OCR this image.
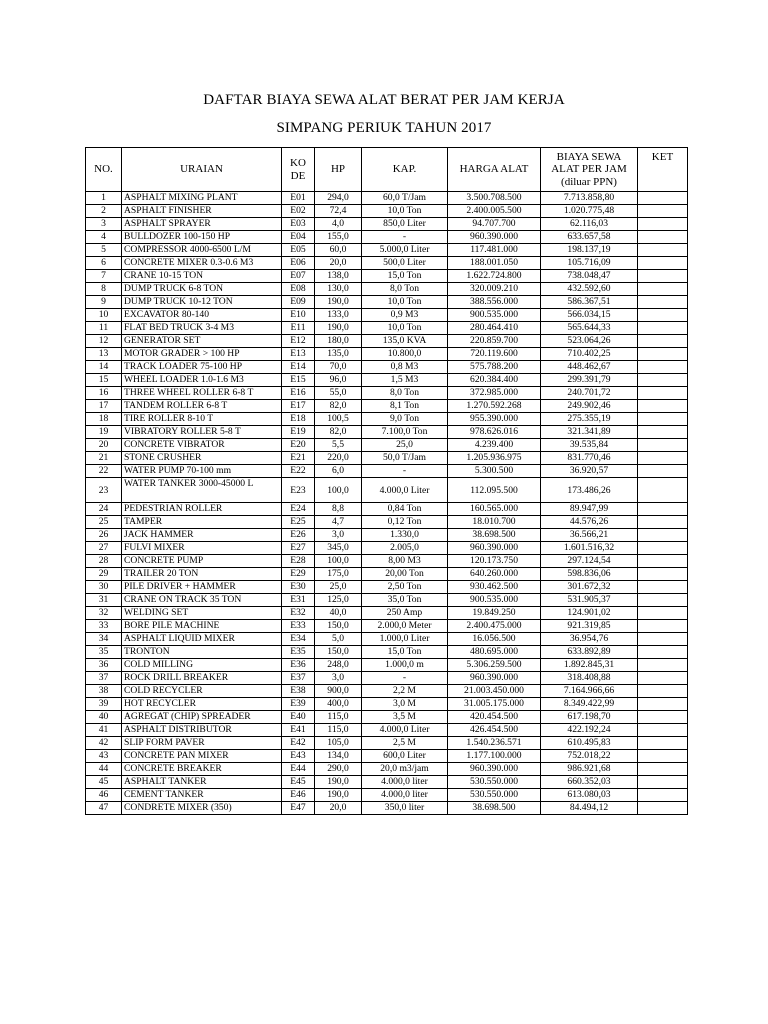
DAFTAR BIAYA SEWA ALAT BERAT PER JAM KERJA
SIMPANG PERIUK TAHUN 2017
NO.	URAIAN	KO DE	HP	KAP.	HARGA ALAT	BIAYA SEWA ALAT PER JAM (diluar PPN)	KET
1	ASPHALT MIXING PLANT	E01	294,0	60,0 T/Jam	3.500.708.500	7.713.858,80	
2	ASPHALT FINISHER	E02	72,4	10,0 Ton	2.400.005.500	1.020.775,48	
3	ASPHALT SPRAYER	E03	4,0	850,0 Liter	94.707.700	62.116,03	
4	BULLDOZER 100-150 HP	E04	155,0	-	960.390.000	633.657,58	
5	COMPRESSOR 4000-6500 L/M	E05	60,0	5.000,0 Liter	117.481.000	198.137,19	
6	CONCRETE MIXER 0.3-0.6 M3	E06	20,0	500,0 Liter	188.001.050	105.716,09	
7	CRANE 10-15 TON	E07	138,0	15,0 Ton	1.622.724.800	738.048,47	
8	DUMP TRUCK 6-8 TON	E08	130,0	8,0 Ton	320.009.210	432.592,60	
9	DUMP TRUCK 10-12 TON	E09	190,0	10,0 Ton	388.556.000	586.367,51	
10	EXCAVATOR 80-140	E10	133,0	0,9 M3	900.535.000	566.034,15	
11	FLAT BED TRUCK 3-4 M3	E11	190,0	10,0 Ton	280.464.410	565.644,33	
12	GENERATOR SET	E12	180,0	135,0 KVA	220.859.700	523.064,26	
13	MOTOR GRADER > 100 HP	E13	135,0	10.800,0	720.119.600	710.402,25	
14	TRACK LOADER 75-100 HP	E14	70,0	0,8 M3	575.788.200	448.462,67	
15	WHEEL LOADER 1.0-1.6 M3	E15	96,0	1,5 M3	620.384.400	299.391,79	
16	THREE WHEEL ROLLER 6-8 T	E16	55,0	8,0 Ton	372.985.000	240.701,72	
17	TANDEM ROLLER 6-8 T	E17	82,0	8,1 Ton	1.270.592.268	249.902,46	
18	TIRE ROLLER 8-10 T	E18	100,5	9,0 Ton	955.390.000	275.355,19	
19	VIBRATORY ROLLER 5-8 T	E19	82,0	7.100,0 Ton	978.626.016	321.341,89	
20	CONCRETE VIBRATOR	E20	5,5	25,0	4.239.400	39.535,84	
21	STONE CRUSHER	E21	220,0	50,0 T/Jam	1.205.936.975	831.770,46	
22	WATER PUMP 70-100 mm	E22	6,0	-	5.300.500	36.920,57	
23	WATER TANKER 3000-45000 L	E23	100,0	4.000,0 Liter	112.095.500	173.486,26	
24	PEDESTRIAN ROLLER	E24	8,8	0,84 Ton	160.565.000	89.947,99	
25	TAMPER	E25	4,7	0,12 Ton	18.010.700	44.576,26	
26	JACK HAMMER	E26	3,0	1.330,0	38.698.500	36.566,21	
27	FULVI MIXER	E27	345,0	2.005,0	960.390.000	1.601.516,32	
28	CONCRETE PUMP	E28	100,0	8,00 M3	120.173.750	297.124,54	
29	TRAILER 20 TON	E29	175,0	20,00 Ton	640.260.000	598.836,06	
30	PILE DRIVER + HAMMER	E30	25,0	2,50 Ton	930.462.500	301.672,32	
31	CRANE ON TRACK 35 TON	E31	125,0	35,0 Ton	900.535.000	531.905,37	
32	WELDING SET	E32	40,0	250 Amp	19.849.250	124.901,02	
33	BORE PILE MACHINE	E33	150,0	2.000,0 Meter	2.400.475.000	921.319,85	
34	ASPHALT LIQUID MIXER	E34	5,0	1.000,0 Liter	16.056.500	36.954,76	
35	TRONTON	E35	150,0	15,0 Ton	480.695.000	633.892,89	
36	COLD MILLING	E36	248,0	1.000,0 m	5.306.259.500	1.892.845,31	
37	ROCK DRILL BREAKER	E37	3,0	-	960.390.000	318.408,88	
38	COLD RECYCLER	E38	900,0	2,2 M	21.003.450.000	7.164.966,66	
39	HOT RECYCLER	E39	400,0	3,0 M	31.005.175.000	8.349.422,99	
40	AGREGAT (CHIP) SPREADER	E40	115,0	3,5 M	420.454.500	617.198,70	
41	ASPHALT DISTRIBUTOR	E41	115,0	4.000,0 Liter	426.454.500	422.192,24	
42	SLIP FORM PAVER	E42	105,0	2,5 M	1.540.236.571	610.495,83	
43	CONCRETE PAN MIXER	E43	134,0	600,0 Liter	1.177.100.000	752.018,22	
44	CONCRETE BREAKER	E44	290,0	20,0 m3/jam	960.390.000	986.921,68	
45	ASPHALT TANKER	E45	190,0	4.000,0 liter	530.550.000	660.352,03	
46	CEMENT TANKER	E46	190,0	4.000,0 liter	530.550.000	613.080,03	
47	CONDRETE MIXER (350)	E47	20,0	350,0 liter	38.698.500	84.494,12	
